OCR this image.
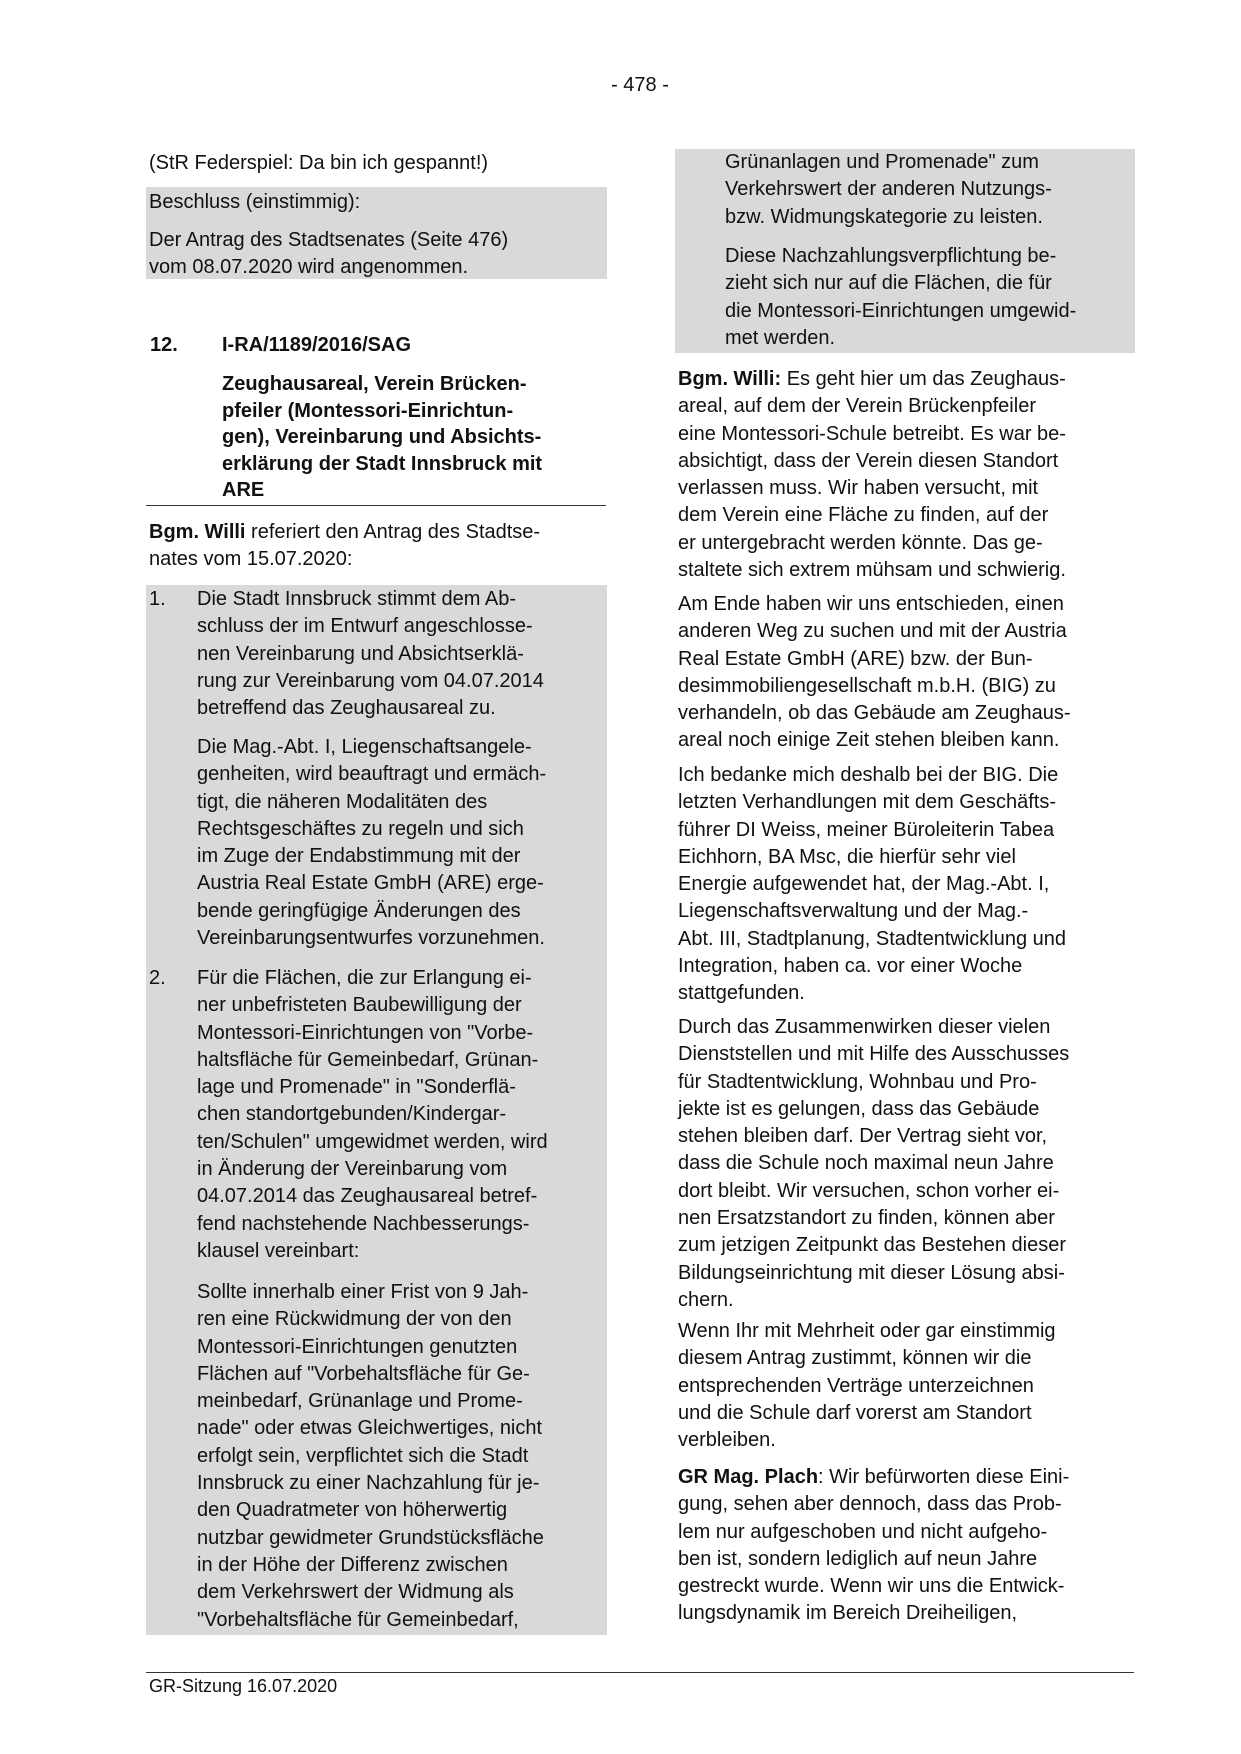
- 478 -
(StR Federspiel: Da bin ich gespannt!)
Beschluss (einstimmig):
Der Antrag des Stadtsenates (Seite 476)
vom 08.07.2020 wird angenommen.
12. I-RA/1189/2016/SAG
Zeughausareal, Verein Brücken-
pfeiler (Montessori-Einrichtun-
gen), Vereinbarung und Absichts-
erklärung der Stadt Innsbruck mit
ARE
Bgm. Willi referiert den Antrag des Stadtse-
nates vom 15.07.2020:
1. Die Stadt Innsbruck stimmt dem Ab-
schluss der im Entwurf angeschlosse-
nen Vereinbarung und Absichtserklä-
rung zur Vereinbarung vom 04.07.2014
betreffend das Zeughausareal zu.
Die Mag.-Abt. I, Liegenschaftsangele-
genheiten, wird beauftragt und ermäch-
tigt, die näheren Modalitäten des
Rechtsgeschäftes zu regeln und sich
im Zuge der Endabstimmung mit der
Austria Real Estate GmbH (ARE) erge-
bende geringfügige Änderungen des
Vereinbarungsentwurfes vorzunehmen.
2. Für die Flächen, die zur Erlangung ei-
ner unbefristeten Baubewilligung der
Montessori-Einrichtungen von "Vorbe-
haltsfläche für Gemeinbedarf, Grünan-
lage und Promenade" in "Sonderflä-
chen standortgebunden/Kindergar-
ten/Schulen" umgewidmet werden, wird
in Änderung der Vereinbarung vom
04.07.2014 das Zeughausareal betref-
fend nachstehende Nachbesserungs-
klausel vereinbart:
Sollte innerhalb einer Frist von 9 Jah-
ren eine Rückwidmung der von den
Montessori-Einrichtungen genutzten
Flächen auf "Vorbehaltsfläche für Ge-
meinbedarf, Grünanlage und Prome-
nade" oder etwas Gleichwertiges, nicht
erfolgt sein, verpflichtet sich die Stadt
Innsbruck zu einer Nachzahlung für je-
den Quadratmeter von höherwertig
nutzbar gewidmeter Grundstücksfläche
in der Höhe der Differenz zwischen
dem Verkehrswert der Widmung als
"Vorbehaltsfläche für Gemeinbedarf,
Grünanlagen und Promenade" zum
Verkehrswert der anderen Nutzungs-
bzw. Widmungskategorie zu leisten.
Diese Nachzahlungsverpflichtung be-
zieht sich nur auf die Flächen, die für
die Montessori-Einrichtungen umgewid-
met werden.
Bgm. Willi: Es geht hier um das Zeughaus-
areal, auf dem der Verein Brückenpfeiler
eine Montessori-Schule betreibt. Es war be-
absichtigt, dass der Verein diesen Standort
verlassen muss. Wir haben versucht, mit
dem Verein eine Fläche zu finden, auf der
er untergebracht werden könnte. Das ge-
staltete sich extrem mühsam und schwierig.
Am Ende haben wir uns entschieden, einen
anderen Weg zu suchen und mit der Austria
Real Estate GmbH (ARE) bzw. der Bun-
desimmobiliengesellschaft m.b.H. (BIG) zu
verhandeln, ob das Gebäude am Zeughaus-
areal noch einige Zeit stehen bleiben kann.
Ich bedanke mich deshalb bei der BIG. Die
letzten Verhandlungen mit dem Geschäfts-
führer DI Weiss, meiner Büroleiterin Tabea
Eichhorn, BA Msc, die hierfür sehr viel
Energie aufgewendet hat, der Mag.-Abt. I,
Liegenschaftsverwaltung und der Mag.-
Abt. III, Stadtplanung, Stadtentwicklung und
Integration, haben ca. vor einer Woche
stattgefunden.
Durch das Zusammenwirken dieser vielen
Dienststellen und mit Hilfe des Ausschusses
für Stadtentwicklung, Wohnbau und Pro-
jekte ist es gelungen, dass das Gebäude
stehen bleiben darf. Der Vertrag sieht vor,
dass die Schule noch maximal neun Jahre
dort bleibt. Wir versuchen, schon vorher ei-
nen Ersatzstandort zu finden, können aber
zum jetzigen Zeitpunkt das Bestehen dieser
Bildungseinrichtung mit dieser Lösung absi-
chern.
Wenn Ihr mit Mehrheit oder gar einstimmig
diesem Antrag zustimmt, können wir die
entsprechenden Verträge unterzeichnen
und die Schule darf vorerst am Standort
verbleiben.
GR Mag. Plach: Wir befürworten diese Eini-
gung, sehen aber dennoch, dass das Prob-
lem nur aufgeschoben und nicht aufgeho-
ben ist, sondern lediglich auf neun Jahre
gestreckt wurde. Wenn wir uns die Entwick-
lungsdynamik im Bereich Dreiheiligen,
GR-Sitzung 16.07.2020
